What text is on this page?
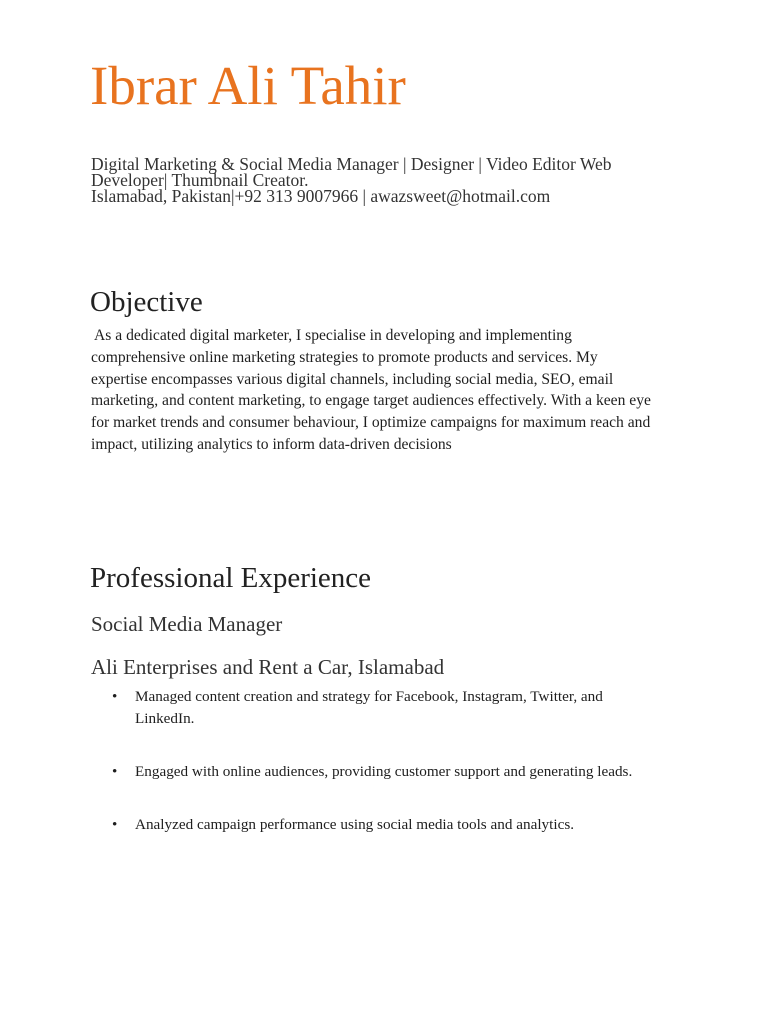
Ibrar Ali Tahir
Digital Marketing & Social Media Manager | Designer | Video Editor Web
Developer| Thumbnail Creator.
Islamabad, Pakistan|+92 313 9007966 | awazsweet@hotmail.com
Objective

As a dedicated digital marketer, I specialise in developing and implementing
comprehensive online marketing strategies to promote products and services. My
expertise encompasses various digital channels, including social media, SEO, email
marketing, and content marketing, to engage target audiences effectively. With a keen eye
for market trends and consumer behaviour, I optimize campaigns for maximum reach and
impact, utilizing analytics to inform data-driven decisions

Professional Experience
Social Media Manager
Ali Enterprises and Rent a Car, Islamabad
•	Managed content creation and strategy for Facebook, Instagram, Twitter, and
LinkedIn.
•	Engaged with online audiences, providing customer support and generating leads.
•	Analyzed campaign performance using social media tools and analytics.
